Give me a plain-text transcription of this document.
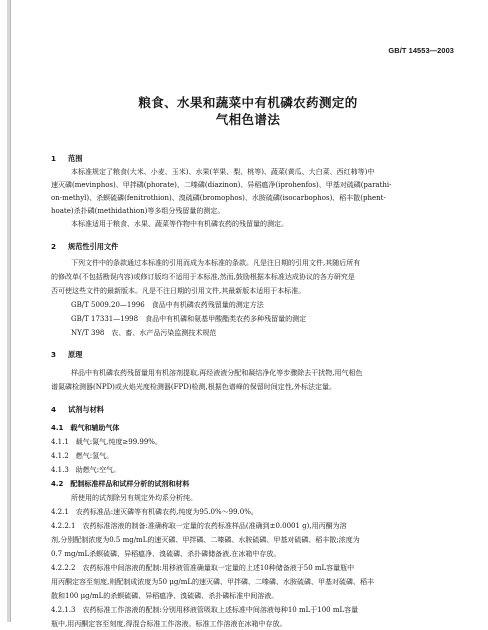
GB/T 14553—2003
粮食、水果和蔬菜中有机磷农药测定的
气相色谱法
1 范围
本标准规定了粮食(大米、小麦、玉米)、水果(苹果、梨、桃等)、蔬菜(黄瓜、大白菜、西红柿等)中
速灭磷(mevinphos)、甲拌磷(phorate)、二嗪磷(diazinon)、异稻瘟净(iprohenfos)、甲基对硫磷(parathi-
on-methyl)、杀螟硫磷(fenitrothion)、溴硫磷(bromophos)、水胺硫磷(isocarbophos)、稻丰散(phent-
hoate)杀扑磷(methidathion)等多组分残留量的测定。
本标准适用于粮食、水果、蔬菜等作物中有机磷农药的残留量的测定。
2 规范性引用文件
下列文件中的条款通过本标准的引用而成为本标准的条款。凡是注日期的引用文件,其随后所有
的修改单(不包括勘误内容)或修订版均不适用于本标准,然而,鼓励根据本标准达成协议的各方研究是
否可使这些文件的最新版本。凡是不注日期的引用文件,其最新版本适用于本标准。
GB/T 5009.20—1996　食品中有机磷农药残留量的测定方法
GB/T 17331—1998　食品中有机磷和氨基甲酸酯类农药多种残留量的测定
NY/T 398　农、畜、水产品污染监测技术规范
3 原理
样品中有机磷农药残留量用有机溶剂提取,再经液液分配和凝结净化等步骤除去干扰物,用气相色
谱氮磷检测器(NPD)或火焰光度检测器(FPD)检测,根据色谱峰的保留时间定性,外标法定量。
4 试剂与材料
4.1　载气和辅助气体
4.1.1　载气:氮气,纯度≥99.99%。
4.1.2　燃气:氢气。
4.1.3　助燃气:空气。
4.2　配制标准样品和试样分析的试剂和材料
所使用的试剂除另有规定外均系分析纯。
4.2.1　农药标准品:速灭磷等有机磷农药,纯度为95.0%～99.0%。
4.2.2.1　农药标准溶液的制备:准确称取一定量的农药标准样品(准确到±0.0001 g),用丙酮为溶
剂,分别配制浓度为0.5 mg/mL的速灭磷、甲拌磷、二嗪磷、水胺硫磷、甲基对硫磷、稻丰散;浓度为
0.7 mg/mL杀螟硫磷、异稻瘟净、溴硫磷、杀扑磷储备液,在冰箱中存放。
4.2.2.2　农药标准中间溶液的配制:用移液管准确量取一定量的上述10种储备液于50 mL容量瓶中
用丙酮定容至刻度,则配制成浓度为50 μg/mL的速灭磷、甲拌磷、二嗪磷、水胺硫磷、甲基对硫磷、稻丰
散和100 μg/mL的杀螟硫磷、异稻瘟净、溴硫磷、杀扑磷标准中间溶液。
4.2.1.3　农药标准工作溶液的配制:分别用移液管吸取上述标准中间溶液每种10 mL于100 mL容量
瓶中,用丙酮定容至刻度,得混合标准工作溶液。标准工作溶液在冰箱中存放。
